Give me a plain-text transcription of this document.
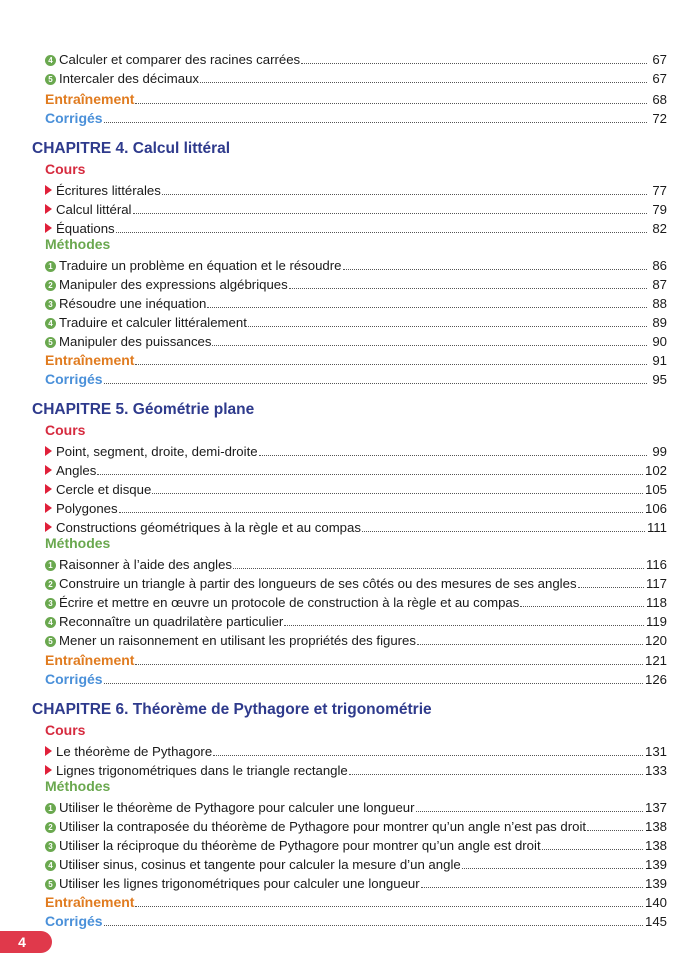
4 Calculer et comparer des racines carrées	67
5 Intercaler des décimaux	67
Entraînement	68
Corrigés	72
CHAPITRE 4. Calcul littéral
Cours
Écritures littérales	77
Calcul littéral	79
Équations	82
Méthodes
1 Traduire un problème en équation et le résoudre	86
2 Manipuler des expressions algébriques	87
3 Résoudre une inéquation	88
4 Traduire et calculer littéralement	89
5 Manipuler des puissances	90
Entraînement	91
Corrigés	95
CHAPITRE 5. Géométrie plane
Cours
Point, segment, droite, demi-droite	99
Angles	102
Cercle et disque	105
Polygones	106
Constructions géométriques à la règle et au compas	111
Méthodes
1 Raisonner à l’aide des angles	116
2 Construire un triangle à partir des longueurs de ses côtés ou des mesures de ses angles	117
3 Écrire et mettre en œuvre un protocole de construction à la règle et au compas	118
4 Reconnaître un quadrilatère particulier	119
5 Mener un raisonnement en utilisant les propriétés des figures	120
Entraînement	121
Corrigés	126
CHAPITRE 6. Théorème de Pythagore et trigonométrie
Cours
Le théorème de Pythagore	131
Lignes trigonométriques dans le triangle rectangle	133
Méthodes
1 Utiliser le théorème de Pythagore pour calculer une longueur	137
2 Utiliser la contraposée du théorème de Pythagore pour montrer qu’un angle n’est pas droit	138
3 Utiliser la réciproque du théorème de Pythagore pour montrer qu’un angle est droit	138
4 Utiliser sinus, cosinus et tangente pour calculer la mesure d’un angle	139
5 Utiliser les lignes trigonométriques pour calculer une longueur	139
Entraînement	140
Corrigés	145
4
